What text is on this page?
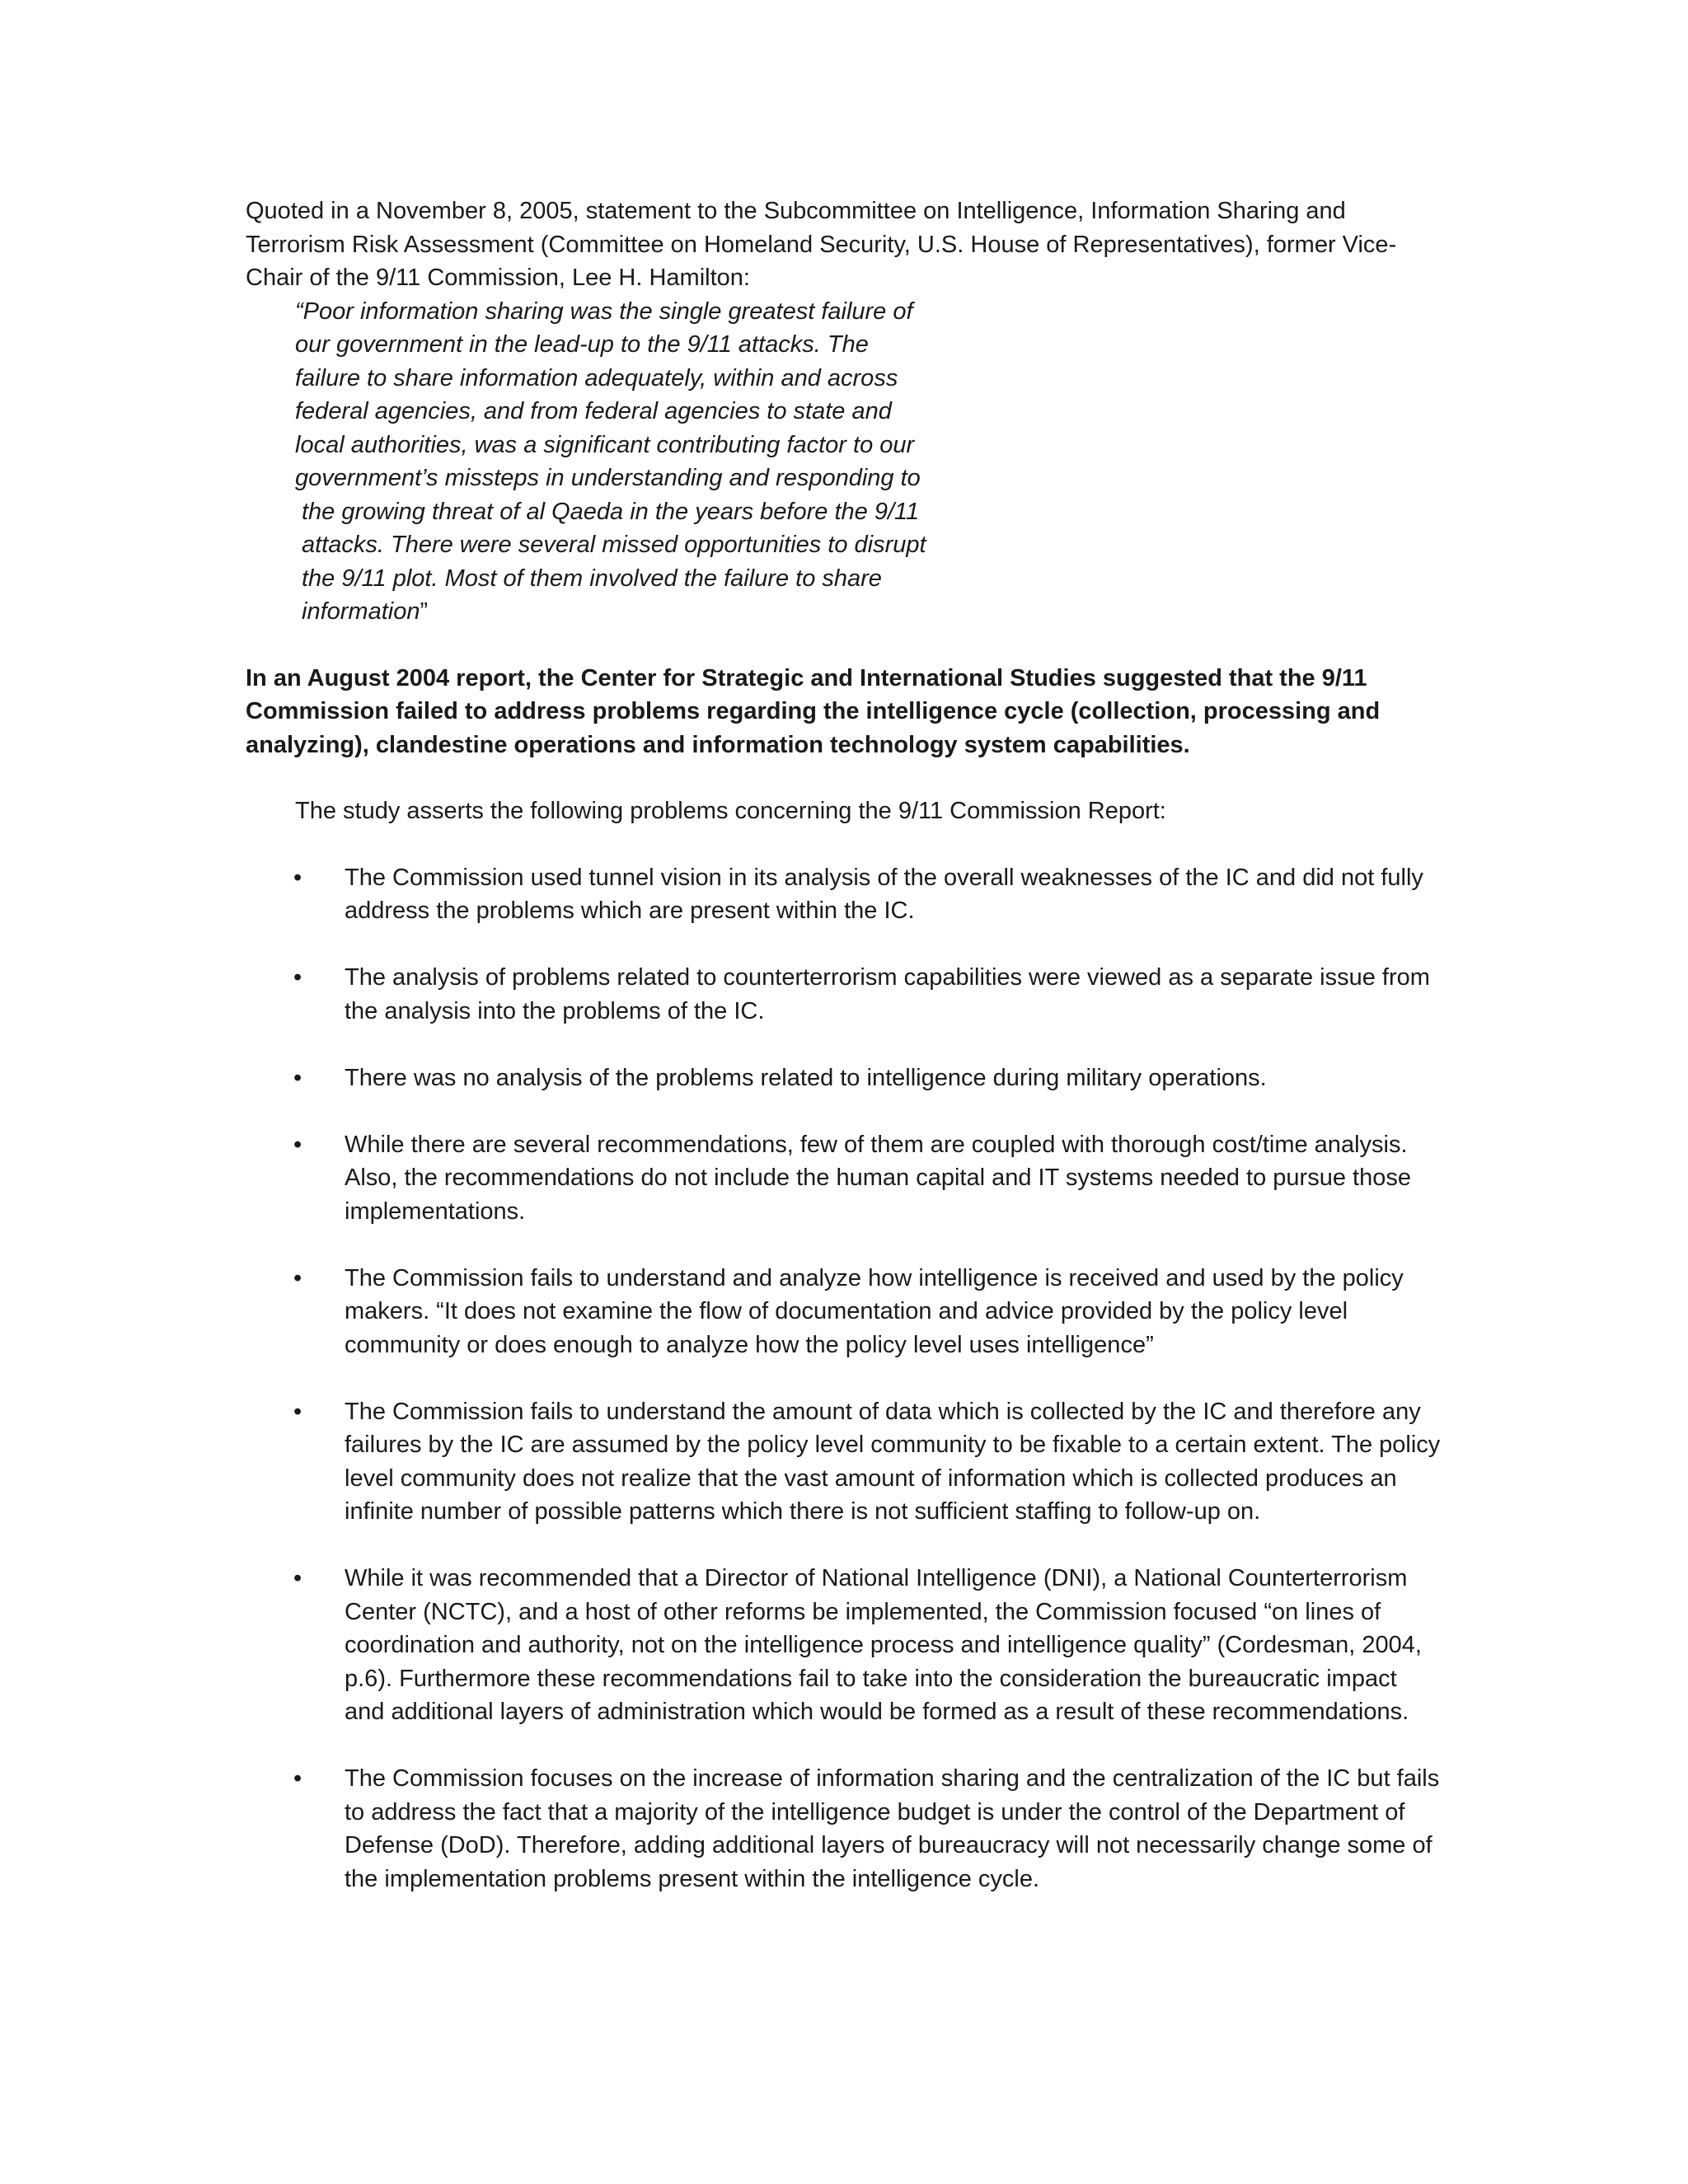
Quoted in a November 8, 2005, statement to the Subcommittee on Intelligence, Information Sharing and Terrorism Risk Assessment (Committee on Homeland Security, U.S. House of Representatives), former Vice-Chair of the 9/11 Commission, Lee H. Hamilton:

“Poor information sharing was the single greatest failure of
our government in the lead-up to the 9/11 attacks. The
failure to share information adequately, within and across
federal agencies, and from federal agencies to state and
local authorities, was a significant contributing factor to our
government’s missteps in understanding and responding to
the growing threat of al Qaeda in the years before the 9/11
attacks. There were several missed opportunities to disrupt
the 9/11 plot. Most of them involved the failure to share
information”

In an August 2004 report, the Center for Strategic and International Studies suggested that the 9/11 Commission failed to address problems regarding the intelligence cycle (collection, processing and analyzing), clandestine operations and information technology system capabilities.

The study asserts the following problems concerning the 9/11 Commission Report:

• The Commission used tunnel vision in its analysis of the overall weaknesses of the IC and did not fully address the problems which are present within the IC.
• The analysis of problems related to counterterrorism capabilities were viewed as a separate issue from the analysis into the problems of the IC.
• There was no analysis of the problems related to intelligence during military operations.
• While there are several recommendations, few of them are coupled with thorough cost/time analysis. Also, the recommendations do not include the human capital and IT systems needed to pursue those implementations.
• The Commission fails to understand and analyze how intelligence is received and used by the policy makers. “It does not examine the flow of documentation and advice provided by the policy level community or does enough to analyze how the policy level uses intelligence”
• The Commission fails to understand the amount of data which is collected by the IC and therefore any failures by the IC are assumed by the policy level community to be fixable to a certain extent. The policy level community does not realize that the vast amount of information which is collected produces an infinite number of possible patterns which there is not sufficient staffing to follow-up on.
• While it was recommended that a Director of National Intelligence (DNI), a National Counterterrorism Center (NCTC), and a host of other reforms be implemented, the Commission focused “on lines of coordination and authority, not on the intelligence process and intelligence quality” (Cordesman, 2004, p.6). Furthermore these recommendations fail to take into the consideration the bureaucratic impact and additional layers of administration which would be formed as a result of these recommendations.
• The Commission focuses on the increase of information sharing and the centralization of the IC but fails to address the fact that a majority of the intelligence budget is under the control of the Department of Defense (DoD). Therefore, adding additional layers of bureaucracy will not necessarily change some of the implementation problems present within the intelligence cycle.
